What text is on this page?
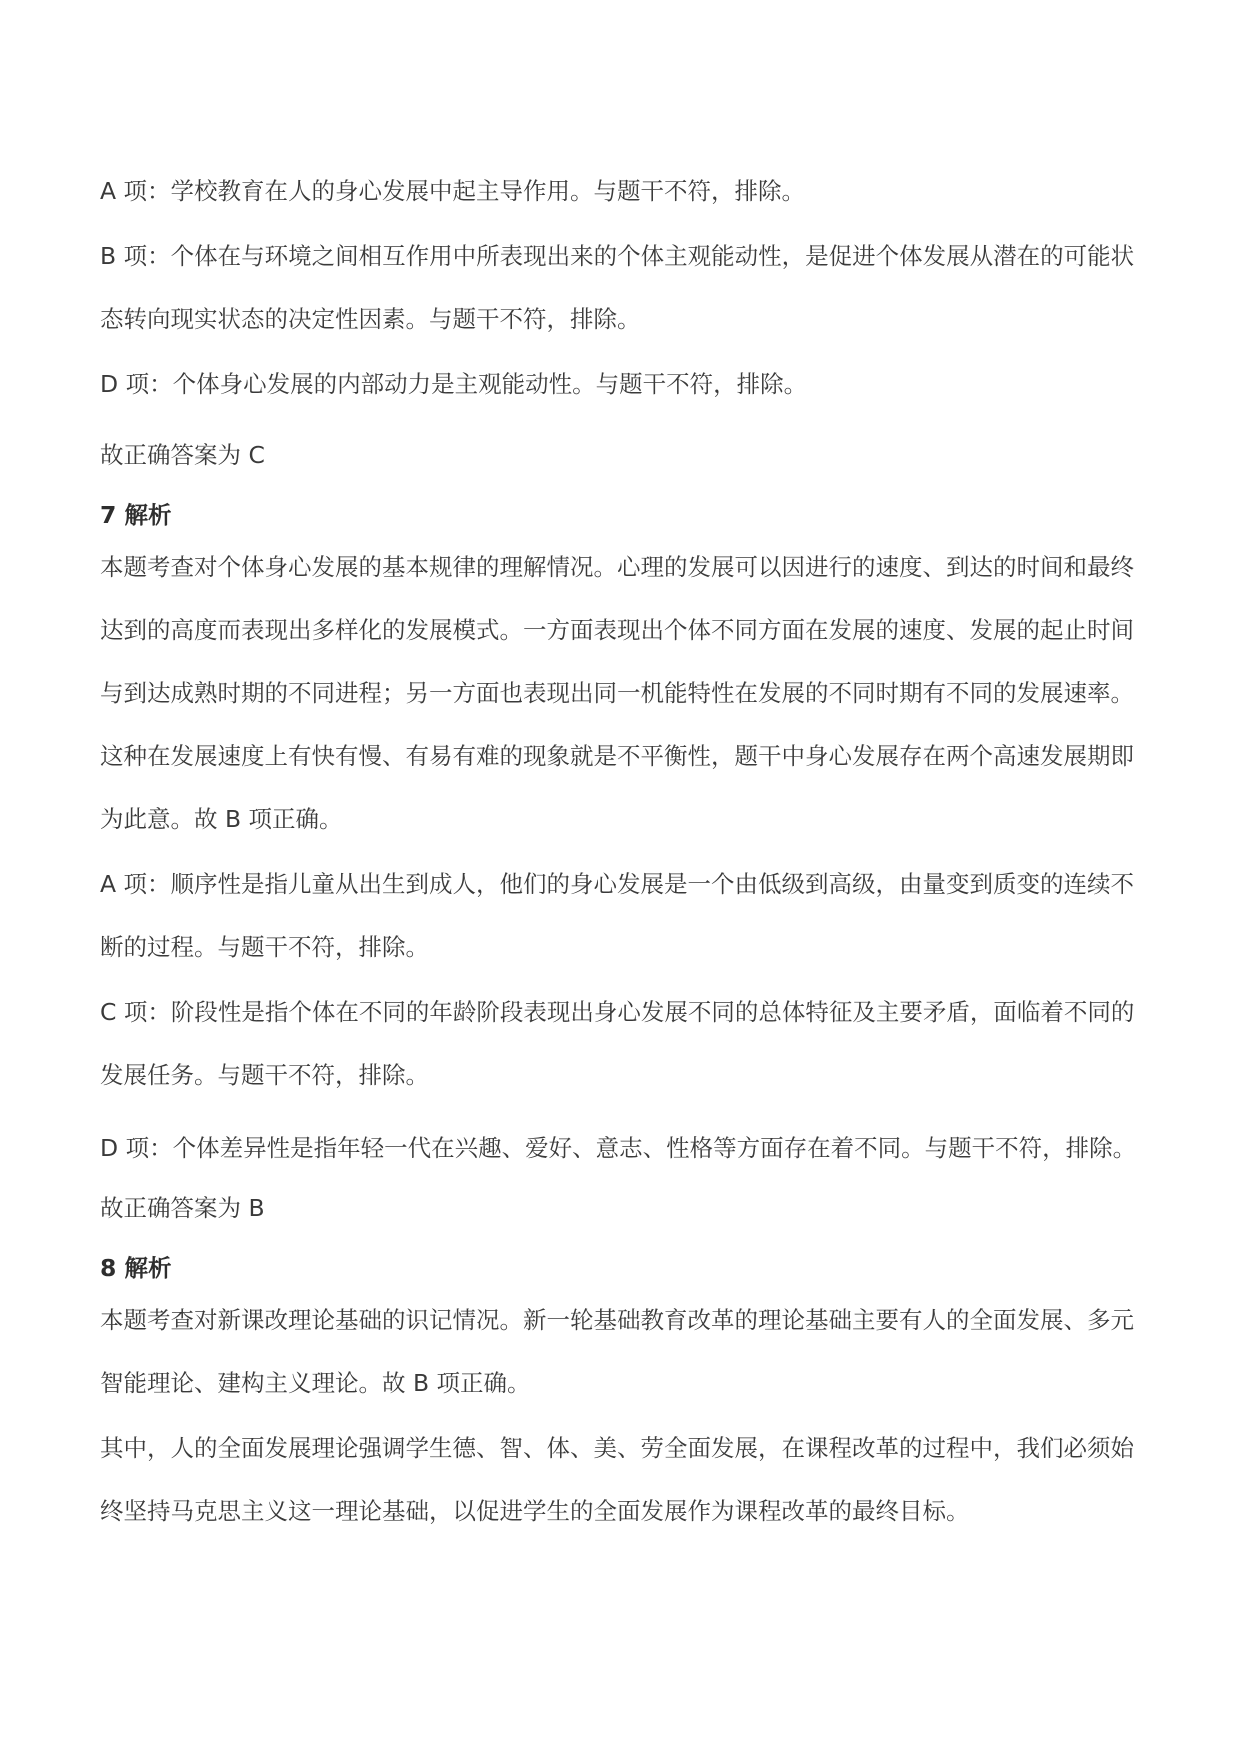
A 项：学校教育在人的身心发展中起主导作用。与题干不符，排除。

B 项：个体在与环境之间相互作用中所表现出来的个体主观能动性，是促进个体发展从潜在的可能状态转向现实状态的决定性因素。与题干不符，排除。

D 项：个体身心发展的内部动力是主观能动性。与题干不符，排除。

故正确答案为 C

7 解析

本题考查对个体身心发展的基本规律的理解情况。心理的发展可以因进行的速度、到达的时间和最终达到的高度而表现出多样化的发展模式。一方面表现出个体不同方面在发展的速度、发展的起止时间与到达成熟时期的不同进程；另一方面也表现出同一机能特性在发展的不同时期有不同的发展速率。这种在发展速度上有快有慢、有易有难的现象就是不平衡性，题干中身心发展存在两个高速发展期即为此意。故 B 项正确。

A 项：顺序性是指儿童从出生到成人，他们的身心发展是一个由低级到高级，由量变到质变的连续不断的过程。与题干不符，排除。

C 项：阶段性是指个体在不同的年龄阶段表现出身心发展不同的总体特征及主要矛盾，面临着不同的发展任务。与题干不符，排除。

D 项：个体差异性是指年轻一代在兴趣、爱好、意志、性格等方面存在着不同。与题干不符，排除。

故正确答案为 B

8 解析

本题考查对新课改理论基础的识记情况。新一轮基础教育改革的理论基础主要有人的全面发展、多元智能理论、建构主义理论。故 B 项正确。

其中，人的全面发展理论强调学生德、智、体、美、劳全面发展，在课程改革的过程中，我们必须始终坚持马克思主义这一理论基础，以促进学生的全面发展作为课程改革的最终目标。
